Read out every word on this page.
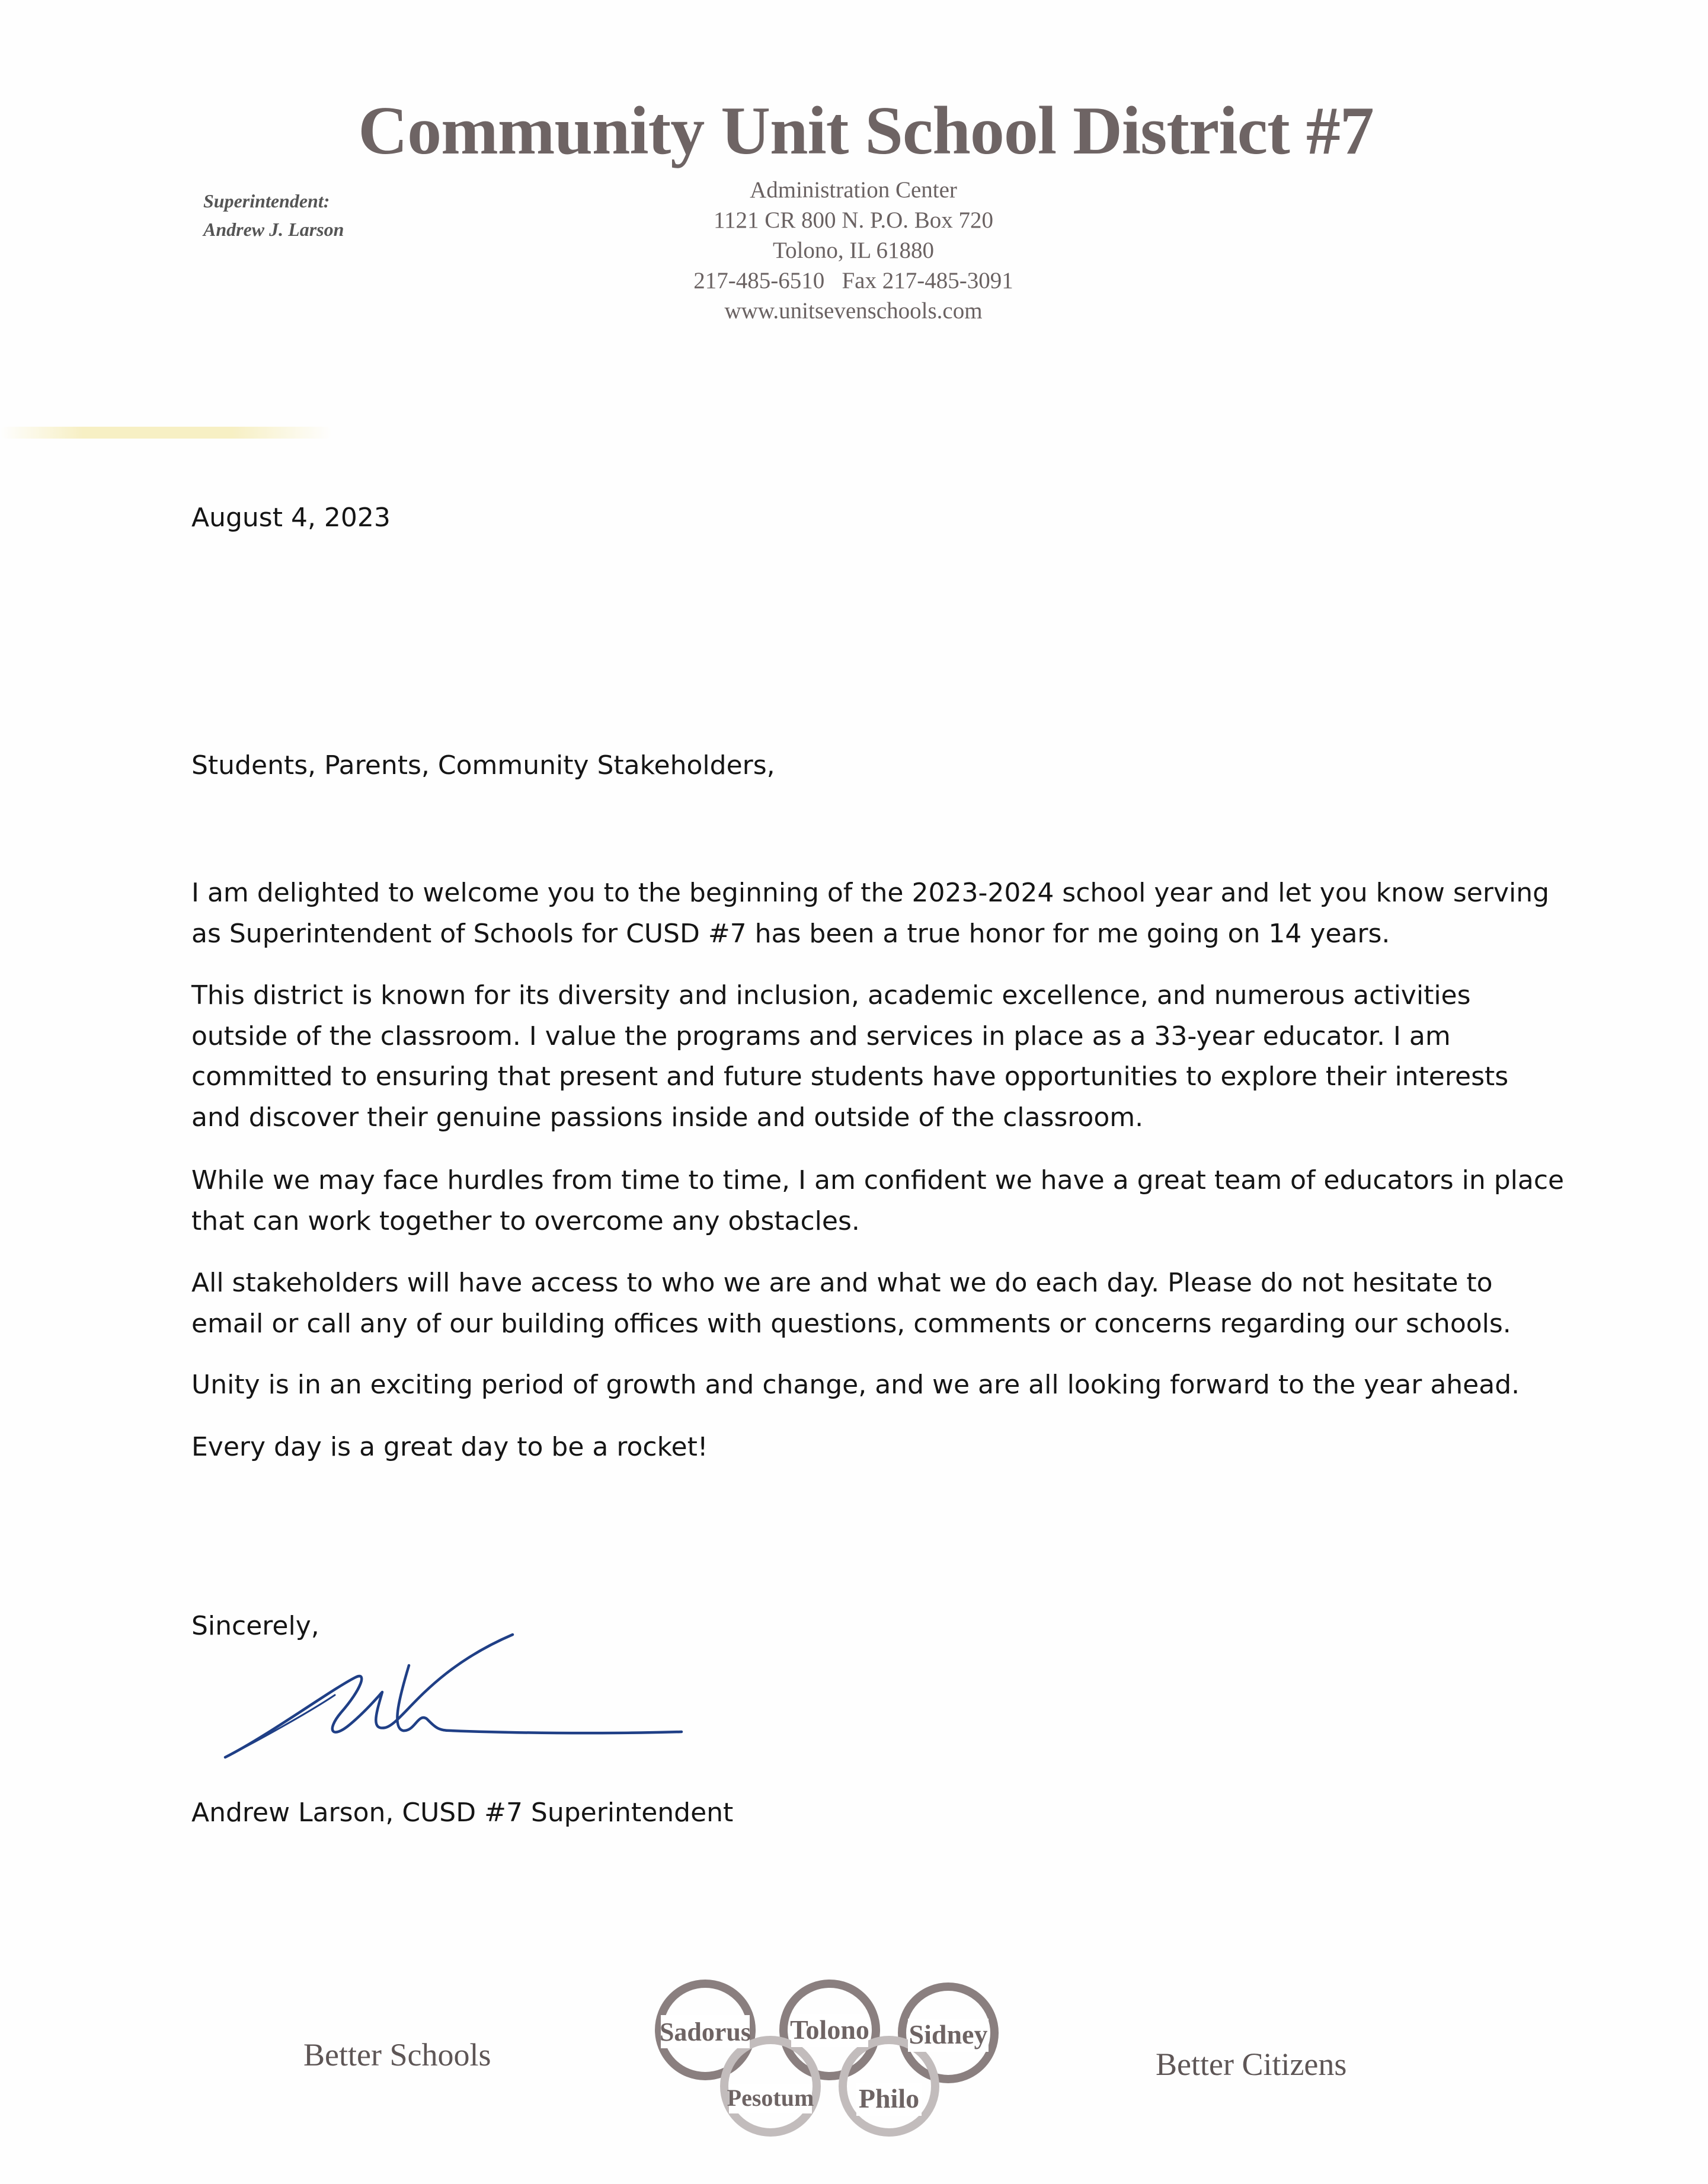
Community Unit School District #7
Superintendent:
Andrew J. Larson
Administration Center
1121 CR 800 N. P.O. Box 720
Tolono, IL 61880
217-485-6510   Fax 217-485-3091
www.unitsevenschools.com
August 4, 2023
Students, Parents, Community Stakeholders,
I am delighted to welcome you to the beginning of the 2023-2024 school year and let you know serving
as Superintendent of Schools for CUSD #7 has been a true honor for me going on 14 years.
This district is known for its diversity and inclusion, academic excellence, and numerous activities
outside of the classroom. I value the programs and services in place as a 33-year educator. I am
committed to ensuring that present and future students have opportunities to explore their interests
and discover their genuine passions inside and outside of the classroom.
While we may face hurdles from time to time, I am confident we have a great team of educators in place
that can work together to overcome any obstacles.
All stakeholders will have access to who we are and what we do each day. Please do not hesitate to
email or call any of our building offices with questions, comments or concerns regarding our schools.
Unity is in an exciting period of growth and change, and we are all looking forward to the year ahead.
Every day is a great day to be a rocket!
Sincerely,
Andrew Larson, CUSD #7 Superintendent
Better Schools	Better Citizens
Sadorus Tolono Sidney
Pesotum Philo
